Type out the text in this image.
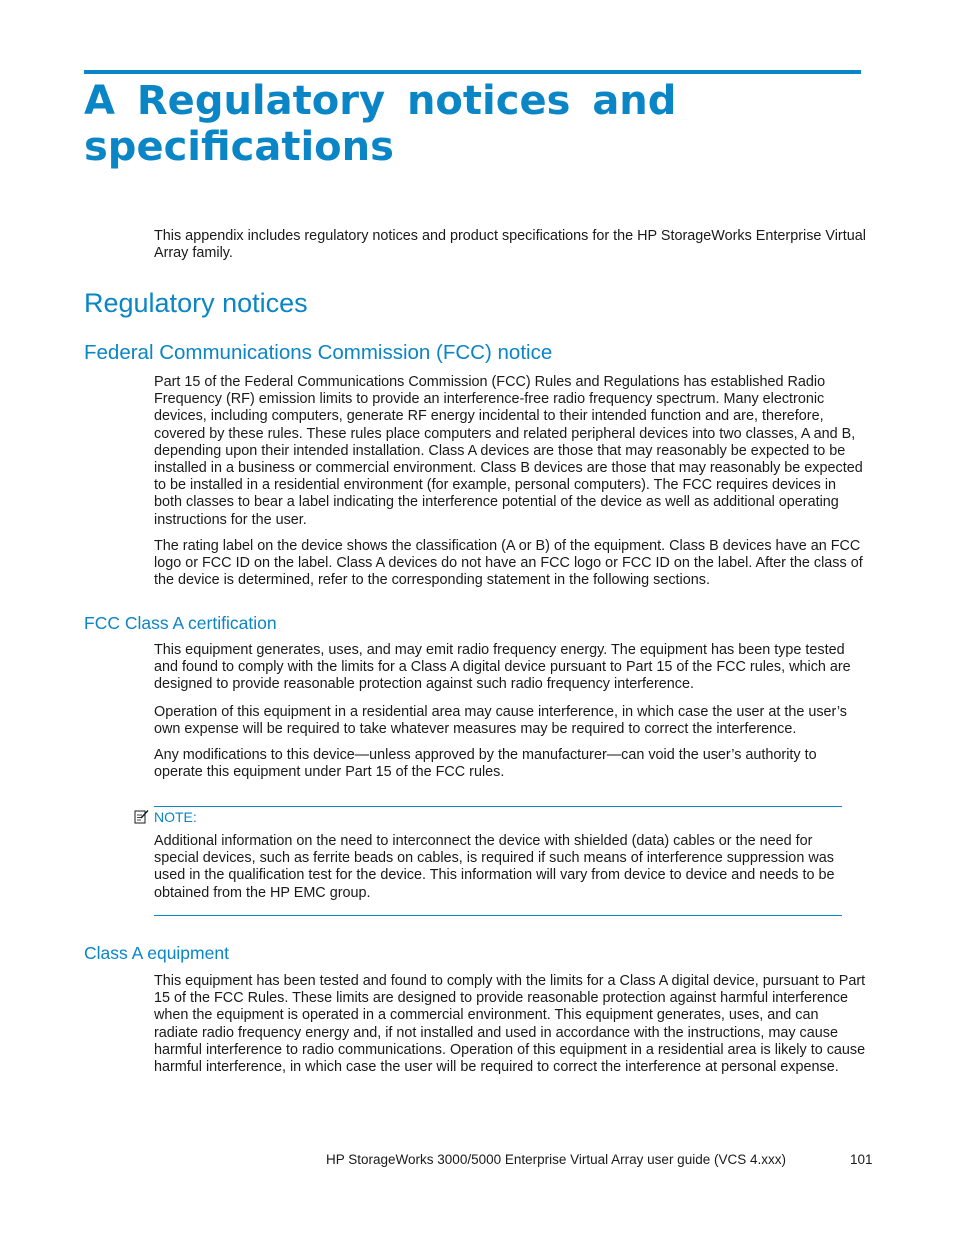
A Regulatory notices and specifications

This appendix includes regulatory notices and product specifications for the HP StorageWorks Enterprise Virtual Array family.

Regulatory notices
Federal Communications Commission (FCC) notice

Part 15 of the Federal Communications Commission (FCC) Rules and Regulations has established Radio Frequency (RF) emission limits to provide an interference-free radio frequency spectrum. Many electronic devices, including computers, generate RF energy incidental to their intended function and are, therefore, covered by these rules. These rules place computers and related peripheral devices into two classes, A and B, depending upon their intended installation. Class A devices are those that may reasonably be expected to be installed in a business or commercial environment. Class B devices are those that may reasonably be expected to be installed in a residential environment (for example, personal computers). The FCC requires devices in both classes to bear a label indicating the interference potential of the device as well as additional operating instructions for the user.

The rating label on the device shows the classification (A or B) of the equipment. Class B devices have an FCC logo or FCC ID on the label. Class A devices do not have an FCC logo or FCC ID on the label. After the class of the device is determined, refer to the corresponding statement in the following sections.

FCC Class A certification

This equipment generates, uses, and may emit radio frequency energy. The equipment has been type tested and found to comply with the limits for a Class A digital device pursuant to Part 15 of the FCC rules, which are designed to provide reasonable protection against such radio frequency interference.

Operation of this equipment in a residential area may cause interference, in which case the user at the user’s own expense will be required to take whatever measures may be required to correct the interference.

Any modifications to this device—unless approved by the manufacturer—can void the user’s authority to operate this equipment under Part 15 of the FCC rules.

NOTE:

Additional information on the need to interconnect the device with shielded (data) cables or the need for special devices, such as ferrite beads on cables, is required if such means of interference suppression was used in the qualification test for the device. This information will vary from device to device and needs to be obtained from the HP EMC group.

Class A equipment

This equipment has been tested and found to comply with the limits for a Class A digital device, pursuant to Part 15 of the FCC Rules. These limits are designed to provide reasonable protection against harmful interference when the equipment is operated in a commercial environment. This equipment generates, uses, and can radiate radio frequency energy and, if not installed and used in accordance with the instructions, may cause harmful interference to radio communications. Operation of this equipment in a residential area is likely to cause harmful interference, in which case the user will be required to correct the interference at personal expense.

HP StorageWorks 3000/5000 Enterprise Virtual Array user guide (VCS 4.xxx)	101
